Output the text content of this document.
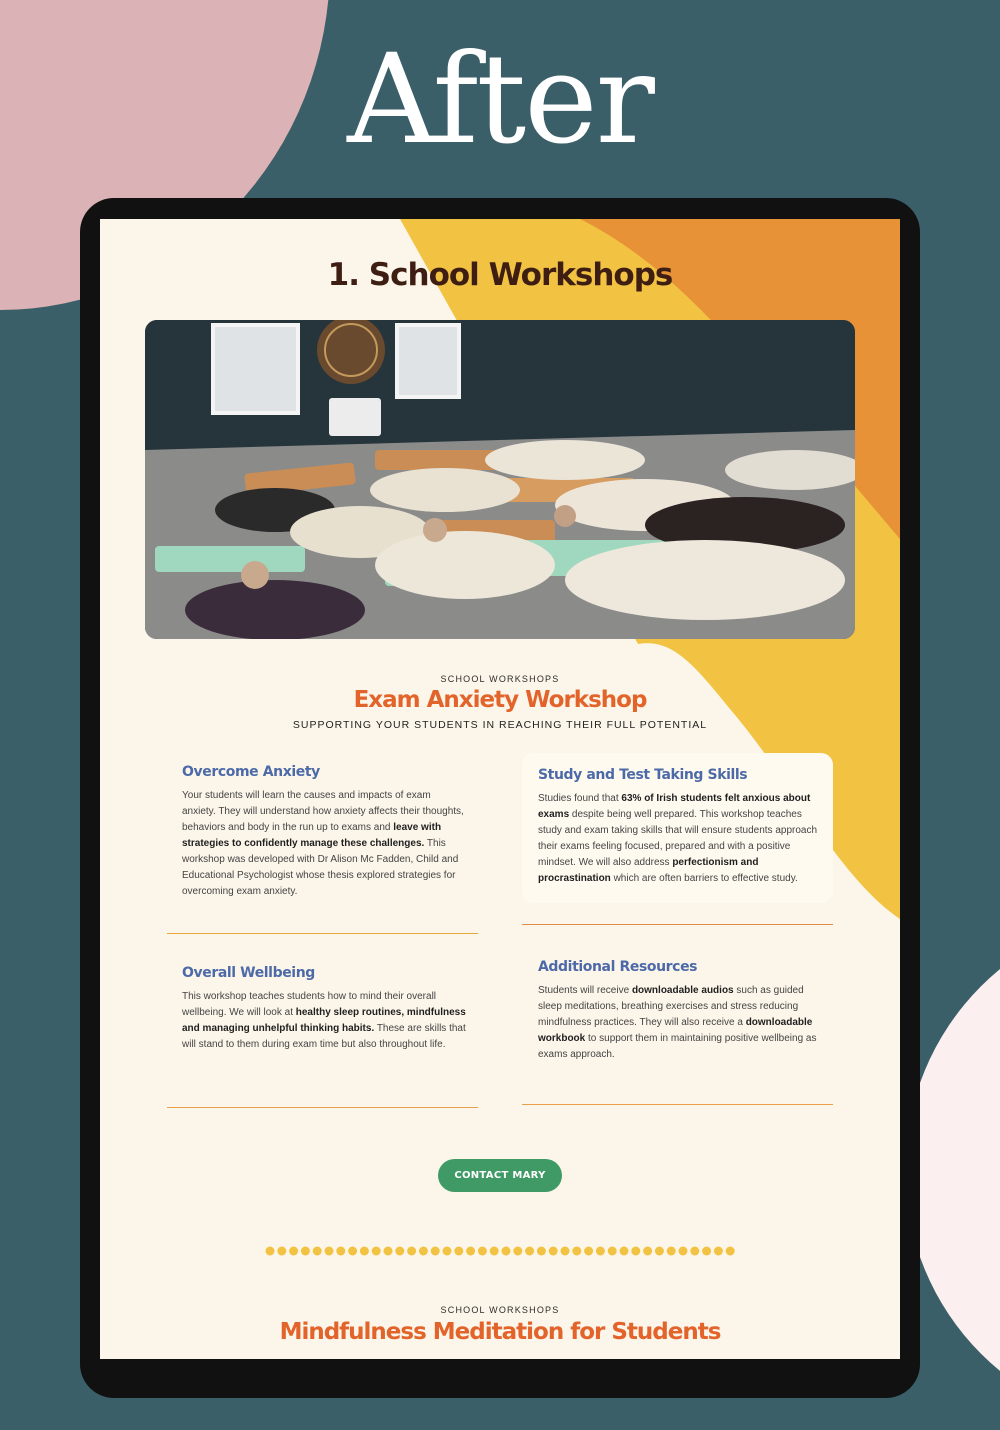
After
1. School Workshops
SCHOOL WORKSHOPS
Exam Anxiety Workshop
SUPPORTING YOUR STUDENTS IN REACHING THEIR FULL POTENTIAL
Overcome Anxiety

Your students will learn the causes and impacts of exam anxiety. They will understand how anxiety affects their thoughts, behaviors and body in the run up to exams and leave with strategies to confidently manage these challenges. This workshop was developed with Dr Alison Mc Fadden, Child and Educational Psychologist whose thesis explored strategies for overcoming exam anxiety.

Study and Test Taking Skills

Studies found that 63% of Irish students felt anxious about exams despite being well prepared. This workshop teaches study and exam taking skills that will ensure students approach their exams feeling focused, prepared and with a positive mindset. We will also address perfectionism and procrastination which are often barriers to effective study.

Overall Wellbeing

This workshop teaches students how to mind their overall wellbeing. We will look at healthy sleep routines, mindfulness and managing unhelpful thinking habits. These are skills that will stand to them during exam time but also throughout life.

Additional Resources

Students will receive downloadable audios such as guided sleep meditations, breathing exercises and stress reducing mindfulness practices. They will also receive a downloadable workbook to support them in maintaining positive wellbeing as exams approach.

CONTACT MARY
SCHOOL WORKSHOPS
Mindfulness Meditation for Students
